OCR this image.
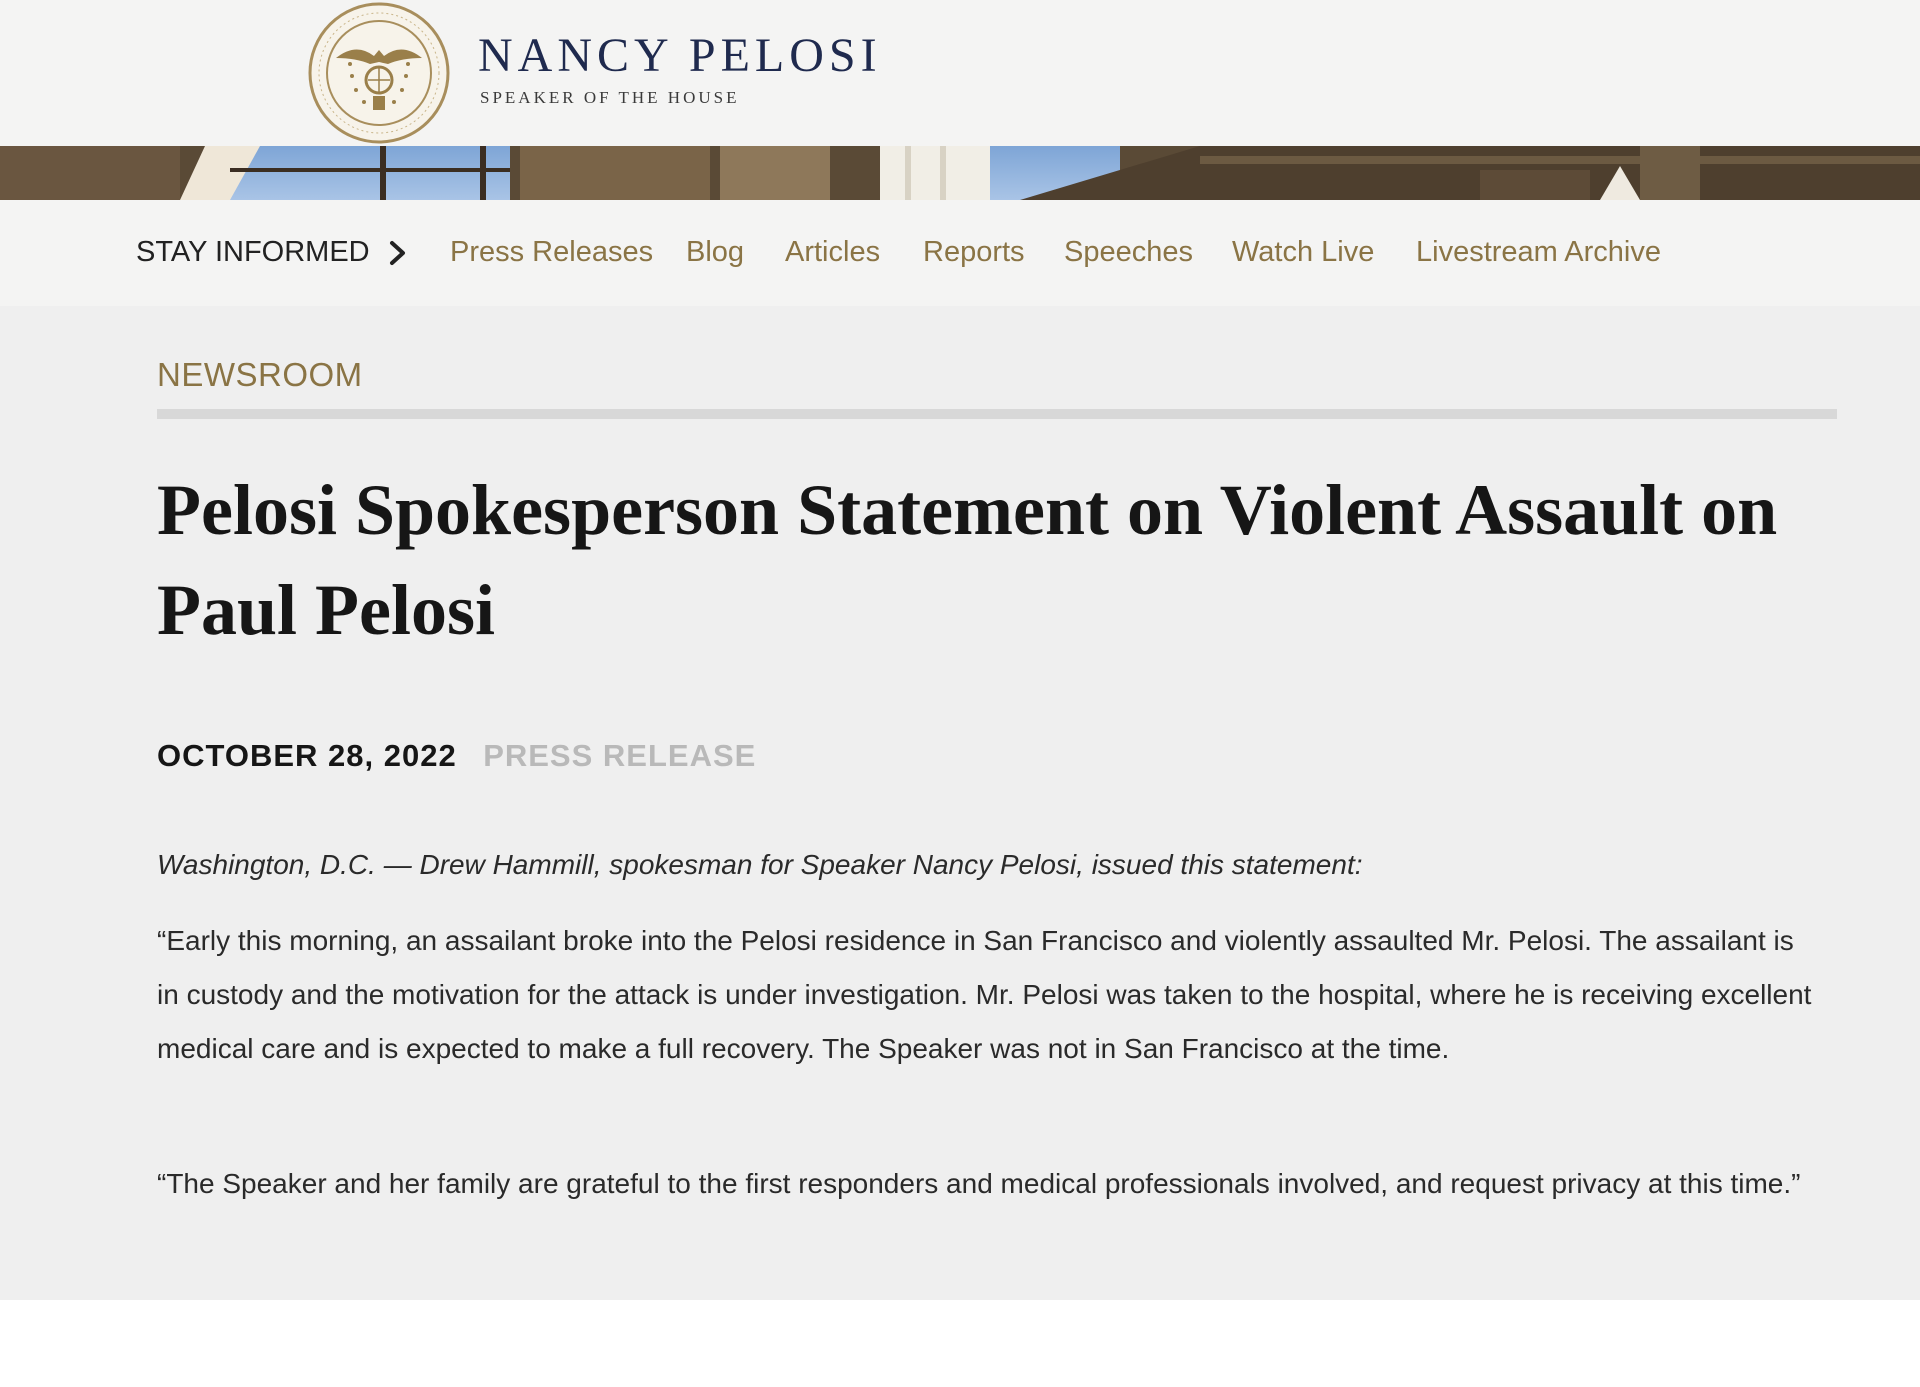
NANCY PELOSI
SPEAKER OF THE HOUSE
STAY INFORMED	Press Releases Blog Articles Reports Speeches Watch Live Livestream Archive
NEWSROOM
Pelosi Spokesperson Statement on Violent Assault on Paul Pelosi
OCTOBER 28, 2022 PRESS RELEASE

Washington, D.C. — Drew Hammill, spokesman for Speaker Nancy Pelosi, issued this statement:

“Early this morning, an assailant broke into the Pelosi residence in San Francisco and violently assaulted Mr. Pelosi. The assailant is in custody and the motivation for the attack is under investigation. Mr. Pelosi was taken to the hospital, where he is receiving excellent medical care and is expected to make a full recovery. The Speaker was not in San Francisco at the time.

“The Speaker and her family are grateful to the first responders and medical professionals involved, and request privacy at this time.”
